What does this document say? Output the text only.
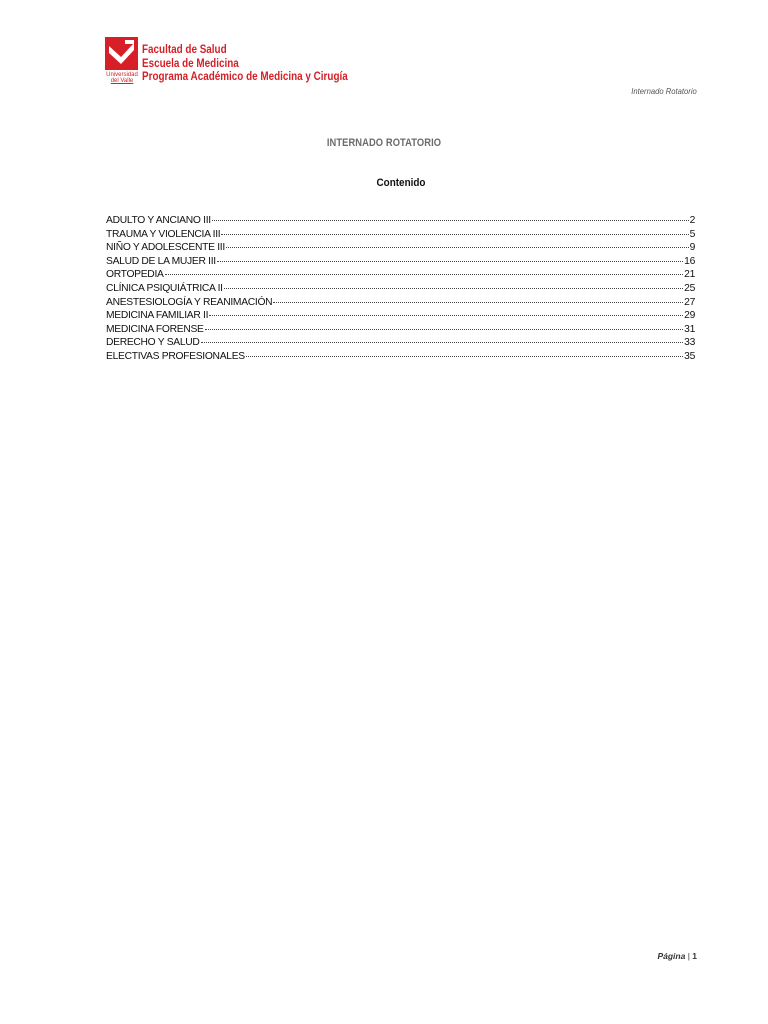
Universidad
del Valle
Facultad de Salud
Escuela de Medicina
Programa Académico de Medicina y Cirugía
Internado Rotatorio
INTERNADO ROTATORIO
Contenido
ADULTO Y ANCIANO III	2
TRAUMA Y VIOLENCIA III	5
NIÑO Y ADOLESCENTE III	9
SALUD DE LA MUJER III	16
ORTOPEDIA	21
CLÍNICA PSIQUIÁTRICA II	25
ANESTESIOLOGÍA Y REANIMACIÓN	27
MEDICINA FAMILIAR II	29
MEDICINA FORENSE	31
DERECHO Y SALUD	33
ELECTIVAS PROFESIONALES	35
Página | 1
